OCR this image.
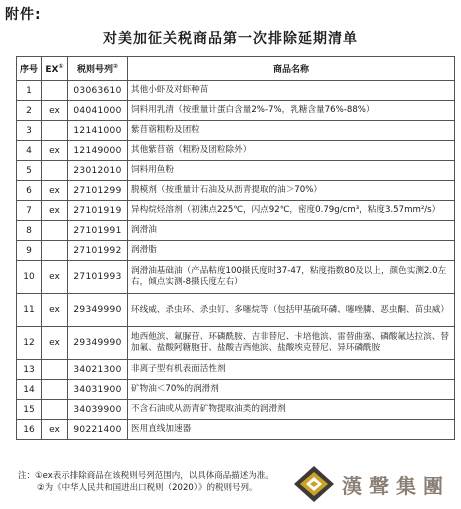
附件:
对美加征关税商品第一次排除延期清单
序号	EX①	税则号列②	商品名称
1		03063610	其他小虾及对虾种苗
2	ex	04041000	饲料用乳清（按重量计蛋白含量2%-7%，乳糖含量76%-88%）
3		12141000	紫苜蓿粗粉及团粒
4	ex	12149000	其他紫苜蓿（粗粉及团粒除外）
5		23012010	饲料用鱼粉
6	ex	27101299	脱模剂（按重量计石油及从沥青提取的油＞70%）
7	ex	27101919	异构烷烃溶剂（初沸点225℃，闪点92℃，密度0.79g/cm³，粘度3.57mm²/s）
8		27101991	润滑油
9		27101992	润滑脂
10	ex	27101993	润滑油基础油（产品粘度100摄氏度时37-47，粘度指数80及以上，颜色实测2.0左右，倾点实测-8摄氏度左右）
11	ex	29349990	环线威、杀虫环、杀虫钉、多噻烷等（包括甲基硫环磷、噻唑膦、恶虫酮、苗虫威）
12	ex	29349990	地西他滨、氟脲苷、环磷酰胺、吉非替尼、卡培他滨、雷替曲塞、磷酸氟达拉滨、替加氟、盐酸阿糖胞苷、盐酸吉西他滨、盐酸埃克替尼、异环磷酰胺
13		34021300	非离子型有机表面活性剂
14		34031900	矿物油＜70%的润滑剂
15		34039900	不含石油或从沥青矿物提取油类的润滑剂
16	ex	90221400	医用直线加速器
注：①ex表示排除商品在该税则号列范围内，以具体商品描述为准。
②为《中华人民共和国进出口税则（2020）》的税则号列。	漢聲集團
